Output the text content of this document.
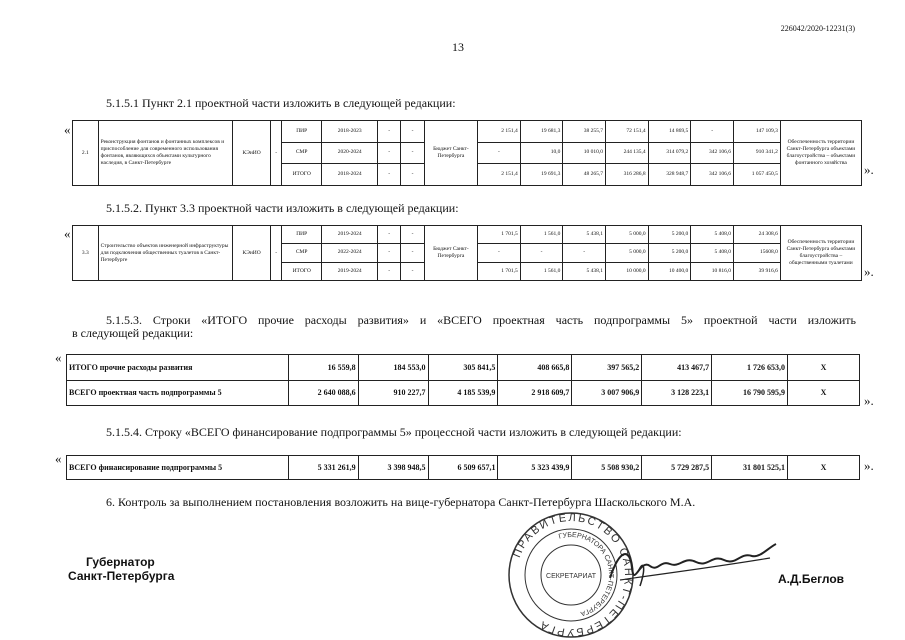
226042/2020-12231(3)
13
5.1.5.1 Пункт 2.1 проектной части изложить в следующей редакции:
«
».
2.1	Реконструкция фонтанов и фонтанных комплексов и приспособление для современного использования фонтанов, являющихся объектами культурного наследия, в Санкт-Петербурге	КЭиИО	-	ПИР	2018-2023	-	-	Бюджет Санкт-Петербурга	2 151,4	19 681,3	38 255,7	72 151,4	14 869,5	-	147 109,3	Обеспеченность территории Санкт-Петербурга объектами благоустройства – объектами фонтанного хозяйства
				СМР	2020-2024	-	-		-	10,0	10 010,0	244 135,4	314 079,2	342 106,6	910 341,2	
				ИТОГО	2018-2024	-	-		2 151,4	19 691,3	48 265,7	316 286,8	328 948,7	342 106,6	1 057 450,5	
5.1.5.2. Пункт 3.3 проектной части изложить в следующей редакции:
«
».
3.3	Строительство объектов инженерной инфраструктуры для подключения общественных туалетов в Санкт-Петербурге	КЭиИО	-	ПИР	2019-2024	-	-	Бюджет Санкт-Петербурга	1 701,5	1 561,0	5 438,1	5 000,0	5 200,0	5 408,0	24 308,6	Обеспеченность территории Санкт-Петербурга объектами благоустройства – общественными туалетами
				СМР	2022-2024	-	-		-	-	-	5 000,0	5 200,0	5 408,0	15608,0	
				ИТОГО	2019-2024	-	-		1 701,5	1 561,0	5 438,1	10 000,0	10 400,0	10 816,0	39 916,6	
5.1.5.3. Строки «ИТОГО прочие расходы развития» и «ВСЕГО проектная часть подпрограммы 5» проектной части изложить
в следующей редакции:
«
».
ИТОГО прочие расходы развития	16 559,8	184 553,0	305 841,5	408 665,8	397 565,2	413 467,7	1 726 653,0	Х
ВСЕГО проектная часть подпрограммы 5	2 640 088,6	910 227,7	4 185 539,9	2 918 609,7	3 007 906,9	3 128 223,1	16 790 595,9	Х
5.1.5.4. Строку «ВСЕГО финансирование подпрограммы 5» процессной части изложить в следующей редакции:
«	».
ВСЕГО финансирование подпрограммы 5	5 331 261,9	3 398 948,5	6 509 657,1	5 323 439,9	5 508 930,2	5 729 287,5	31 801 525,1	Х
6. Контроль за выполнением постановления возложить на вице-губернатора Санкт-Петербурга Шаскольского М.А.
Губернатор
Санкт-Петербурга	А.Д.Беглов
ПРАВИТЕЛЬСТВО САНКТ-ПЕТЕРБУРГА
ГУБЕРНАТОРА САНКТ-ПЕТЕРБУРГА
СЕКРЕТАРИАТ
